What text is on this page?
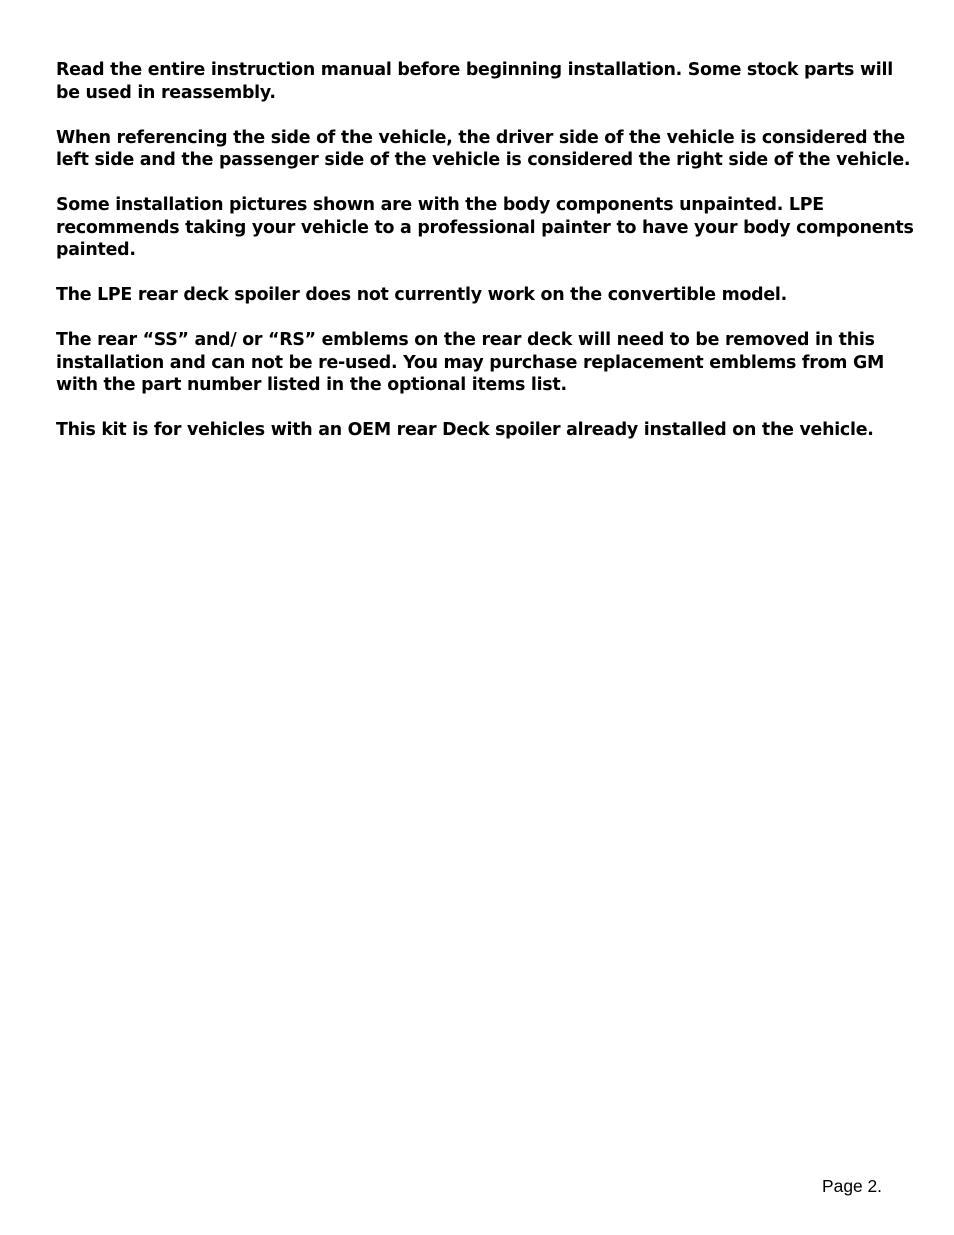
Read the entire instruction manual before beginning installation. Some stock parts will
be used in reassembly.

When referencing the side of the vehicle, the driver side of the vehicle is considered the
left side and the passenger side of the vehicle is considered the right side of the vehicle.

Some installation pictures shown are with the body components unpainted. LPE
recommends taking your vehicle to a professional painter to have your body components
painted.

The LPE rear deck spoiler does not currently work on the convertible model.

The rear “SS” and/ or “RS” emblems on the rear deck will need to be removed in this
installation and can not be re-used. You may purchase replacement emblems from GM
with the part number listed in the optional items list.

This kit is for vehicles with an OEM rear Deck spoiler already installed on the vehicle.

Page 2.
